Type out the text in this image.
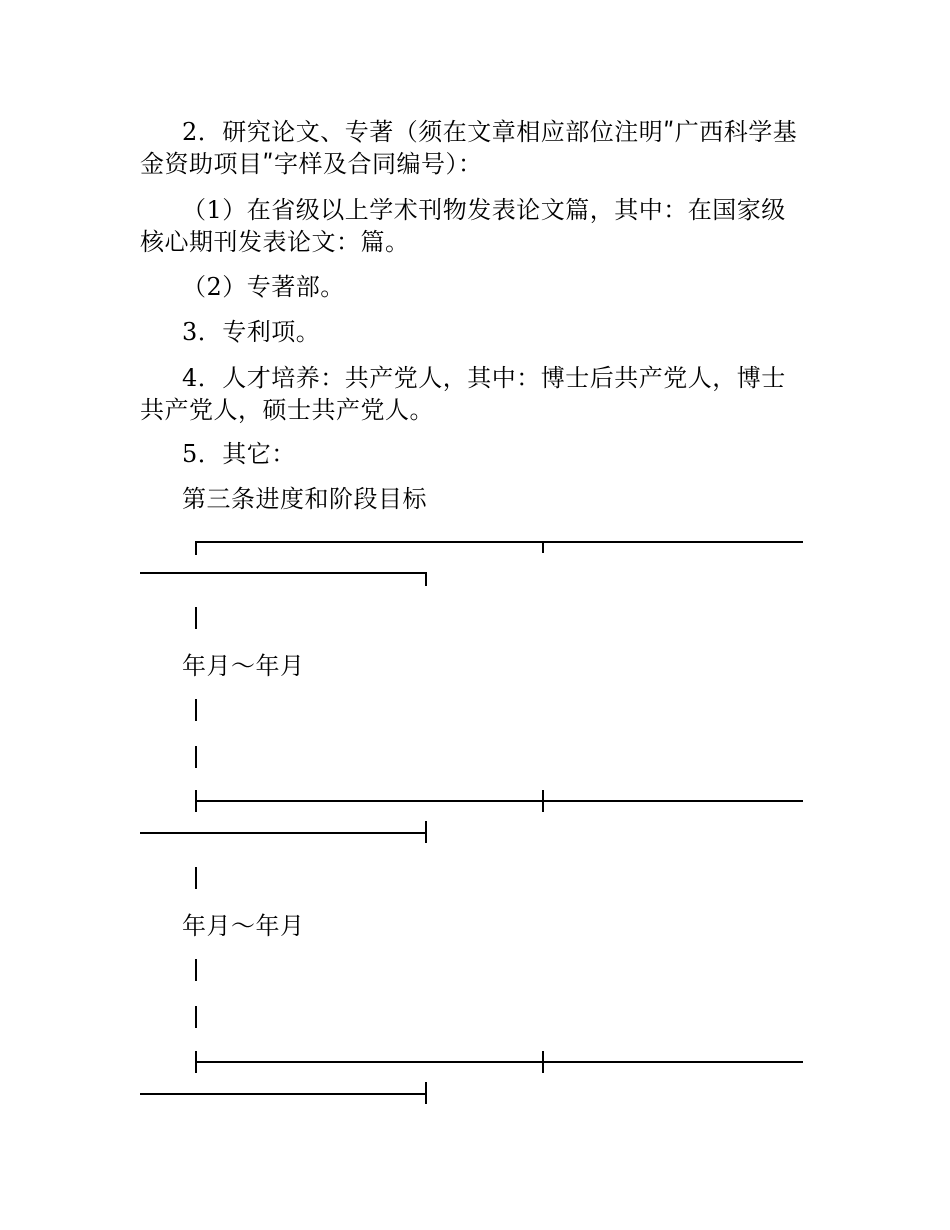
2．研究论文、专著（须在文章相应部位注明ʺ广西科学基
金资助项目ʺ字样及合同编号）：
（1）在省级以上学术刊物发表论文篇，其中：在国家级
核心期刊发表论文：篇。
（2）专著部。
3．专利项。
4．人才培养：共产党人，其中：博士后共产党人，博士
共产党人，硕士共产党人。
5．其它：
第三条进度和阶段目标
年月～年月
年月～年月
